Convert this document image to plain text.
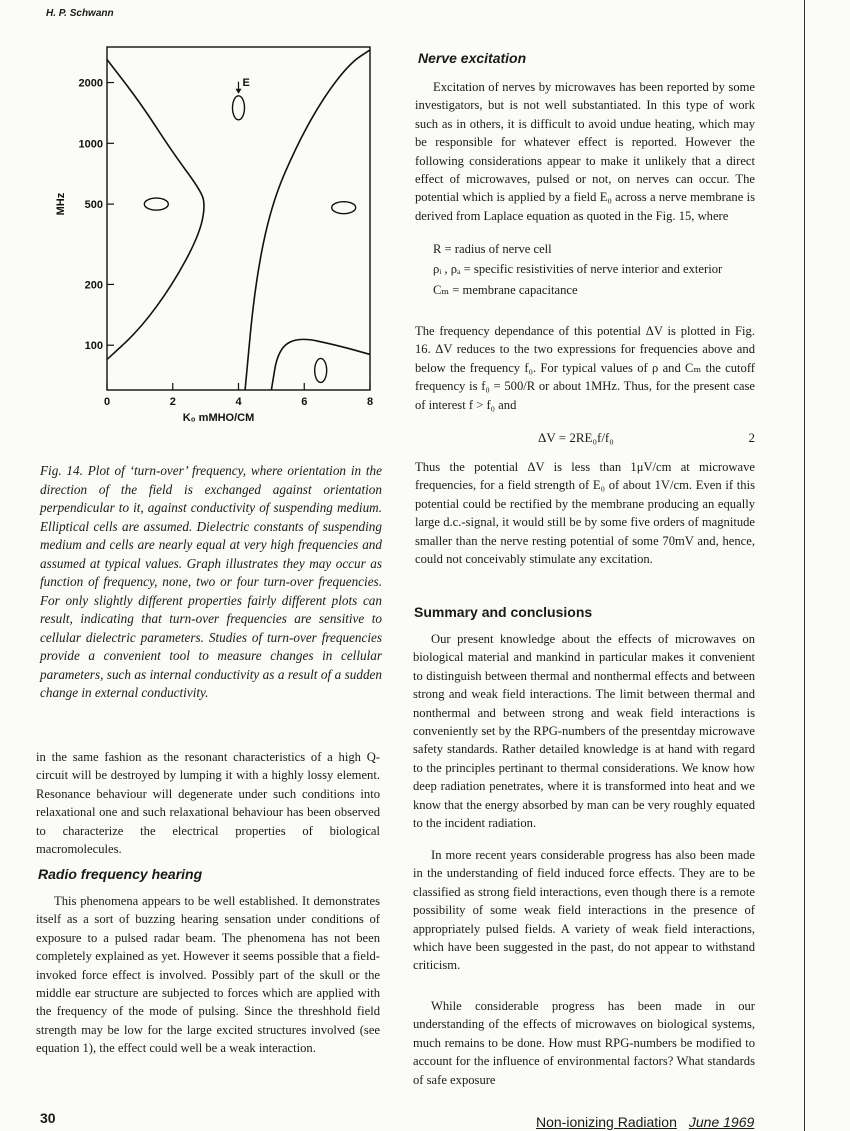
H. P. Schwann
0	2	4	6	8
100
200
500
1000
2000
K₀ mMHO/CM
MHz
E
Fig. 14. Plot of ‘turn-over’ frequency, where orientation in the direction of the field is exchanged against orientation perpendicular to it, against conductivity of suspending medium. Elliptical cells are assumed. Dielectric constants of suspending medium and cells are nearly equal at very high frequencies and assumed at typical values. Graph illustrates they may occur as function of frequency, none, two or four turn-over frequencies. For only slightly different properties fairly different plots can result, indicating that turn-over frequencies are sensitive to cellular dielectric parameters. Studies of turn-over frequencies provide a convenient tool to measure changes in cellular parameters, such as internal conductivity as a result of a sudden change in external conductivity.

in the same fashion as the resonant characteristics of a high Q-circuit will be destroyed by lumping it with a highly lossy element. Resonance behaviour will degenerate under such conditions into relaxational one and such relaxational behaviour has been observed to characterize the electrical properties of biological macromolecules.

Radio frequency hearing

This phenomena appears to be well established. It demonstrates itself as a sort of buzzing hearing sensation under conditions of exposure to a pulsed radar beam. The phenomena has not been completely explained as yet. However it seems possible that a field-invoked force effect is involved. Possibly part of the skull or the middle ear structure are subjected to forces which are applied with the frequency of the mode of pulsing. Since the threshhold field strength may be low for the large excited structures involved (see equation 1), the effect could well be a weak interaction.

Nerve excitation

Excitation of nerves by microwaves has been reported by some investigators, but is not well substantiated. In this type of work such as in others, it is difficult to avoid undue heating, which may be responsible for whatever effect is reported. However the following considerations appear to make it unlikely that a direct effect of microwaves, pulsed or not, on nerves can occur. The potential which is applied by a field E₀ across a nerve membrane is derived from Laplace equation as quoted in the Fig. 15, where

R = radius of nerve cell
ρᵢ , ρₐ = specific resistivities of nerve interior and exterior
Cₘ = membrane capacitance

The frequency dependance of this potential ΔV is plotted in Fig. 16. ΔV reduces to the two expressions for frequencies above and below the frequency f₀. For typical values of ρ and Cₘ the cutoff frequency is f₀ = 500/R or about 1MHz. Thus, for the present case of interest f > f₀ and

ΔV = 2RE₀f/f₀	2

Thus the potential ΔV is less than 1μV/cm at microwave frequencies, for a field strength of E₀ of about 1V/cm. Even if this potential could be rectified by the membrane producing an equally large d.c.-signal, it would still be by some five orders of magnitude smaller than the nerve resting potential of some 70mV and, hence, could not conceivably stimulate any excitation.

Summary and conclusions

Our present knowledge about the effects of microwaves on biological material and mankind in particular makes it convenient to distinguish between thermal and nonthermal effects and between strong and weak field interactions. The limit between thermal and nonthermal and between strong and weak field interactions is conveniently set by the RPG-numbers of the presentday microwave safety standards. Rather detailed knowledge is at hand with regard to the principles pertinant to thermal considerations. We know how deep radiation penetrates, where it is transformed into heat and we know that the energy absorbed by man can be very roughly equated to the incident radiation.

In more recent years considerable progress has also been made in the understanding of field induced force effects. They are to be classified as strong field interactions, even though there is a remote possibility of some weak field interactions in the presence of appropriately pulsed fields. A variety of weak field interactions, which have been suggested in the past, do not appear to withstand criticism.

While considerable progress has been made in our understanding of the effects of microwaves on biological systems, much remains to be done. How must RPG-numbers be modified to account for the influence of environmental factors? What standards of safe exposure

30	Non-ionizing Radiation June 1969
